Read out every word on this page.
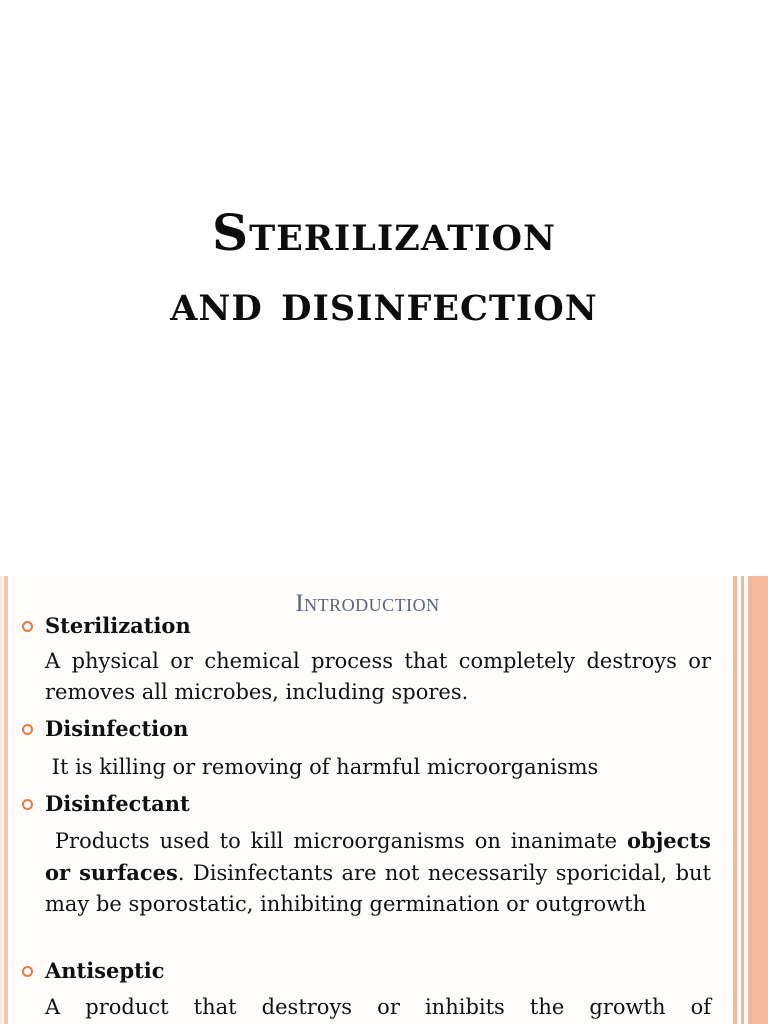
Sterilization
and disinfection
Introduction
Sterilization
A physical or chemical process that completely destroys or removes all microbes, including spores.
Disinfection
It is killing or removing of harmful microorganisms
Disinfectant
Products used to kill microorganisms on inanimate objects or surfaces. Disinfectants are not necessarily sporicidal, but may be sporostatic, inhibiting germination or outgrowth
Antiseptic
A product that destroys or inhibits the growth of
